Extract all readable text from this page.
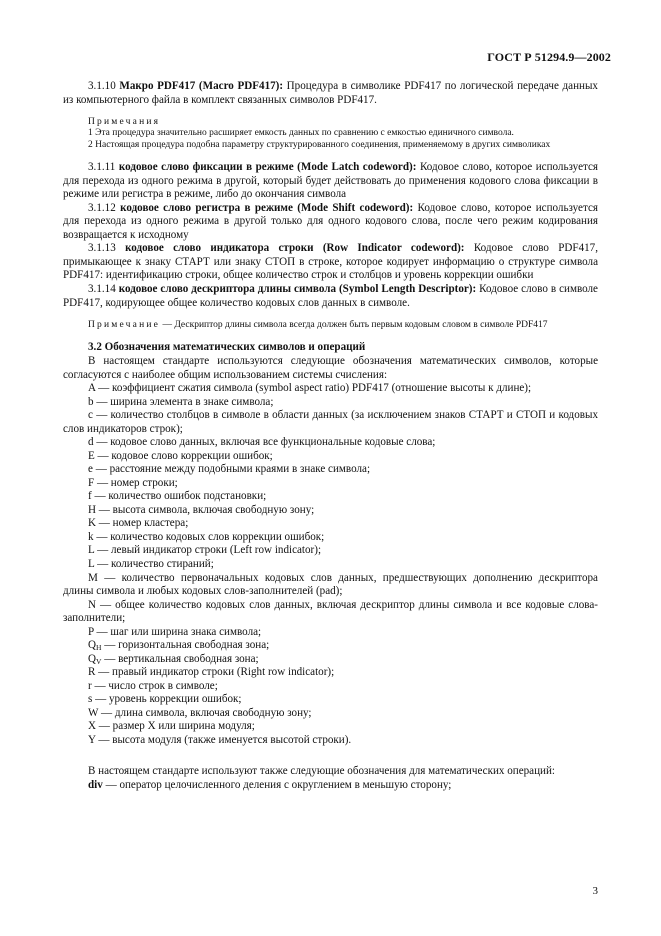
ГОСТ Р 51294.9—2002

3.1.10 Макро PDF417 (Macro PDF417): Процедура в символике PDF417 по логической передаче данных из компьютерного файла в комплект связанных символов PDF417.

Примечания

1 Эта процедура значительно расширяет емкость данных по сравнению с емкостью единичного символа.

2 Настоящая процедура подобна параметру структурированного соединения, применяемому в других символиках

3.1.11 кодовое слово фиксации в режиме (Mode Latch codeword): Кодовое слово, которое используется для перехода из одного режима в другой, который будет действовать до применения кодового слова фиксации в режиме или регистра в режиме, либо до окончания символа

3.1.12 кодовое слово регистра в режиме (Mode Shift codeword): Кодовое слово, которое используется для перехода из одного режима в другой только для одного кодового слова, после чего режим кодирования возвращается к исходному

3.1.13 кодовое слово индикатора строки (Row Indicator codeword): Кодовое слово PDF417, примыкающее к знаку СТАРТ или знаку СТОП в строке, которое кодирует информацию о структуре символа PDF417: идентификацию строки, общее количество строк и столбцов и уровень коррекции ошибки

3.1.14 кодовое слово дескриптора длины символа (Symbol Length Descriptor): Кодовое слово в символе PDF417, кодирующее общее количество кодовых слов данных в символе.

Примечание — Дескриптор длины символа всегда должен быть первым кодовым словом в символе PDF417

3.2 Обозначения математических символов и операций

В настоящем стандарте используются следующие обозначения математических символов, которые согласуются с наиболее общим использованием системы счисления:

A — коэффициент сжатия символа (symbol aspect ratio) PDF417 (отношение высоты к длине);

b — ширина элемента в знаке символа;

c — количество столбцов в символе в области данных (за исключением знаков СТАРТ и СТОП и кодовых слов индикаторов строк);

d — кодовое слово данных, включая все функциональные кодовые слова;

E — кодовое слово коррекции ошибок;

e — расстояние между подобными краями в знаке символа;

F — номер строки;

f — количество ошибок подстановки;

H — высота символа, включая свободную зону;

K — номер кластера;

k — количество кодовых слов коррекции ошибок;

L — левый индикатор строки (Left row indicator);

L — количество стираний;

M — количество первоначальных кодовых слов данных, предшествующих дополнению дескриптора длины символа и любых кодовых слов-заполнителей (pad);

N — общее количество кодовых слов данных, включая дескриптор длины символа и все кодовые слова-заполнители;

P — шаг или ширина знака символа;

$Q_H$ — горизонтальная свободная зона;

$Q_V$ — вертикальная свободная зона;

R — правый индикатор строки (Right row indicator);

r — число строк в символе;

s — уровень коррекции ошибок;

W — длина символа, включая свободную зону;

X — размер X или ширина модуля;

Y — высота модуля (также именуется высотой строки).

В настоящем стандарте используют также следующие обозначения для математических операций:

div — оператор целочисленного деления с округлением в меньшую сторону;

3
